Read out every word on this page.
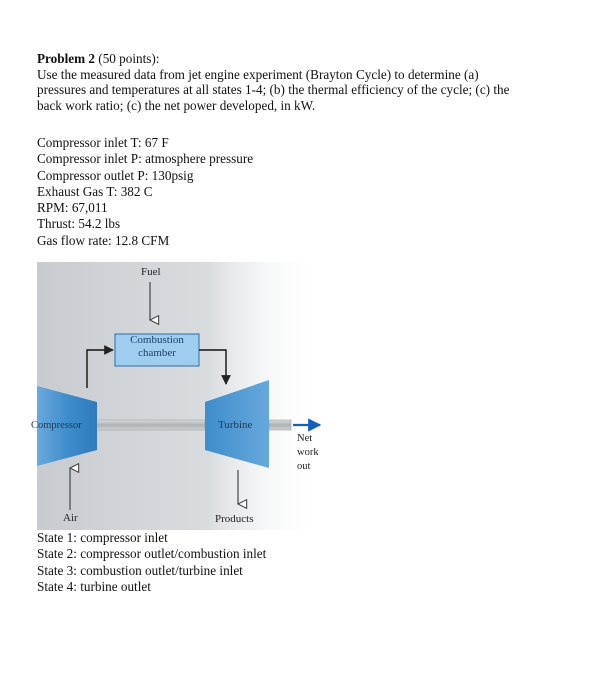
Problem 2 (50 points):
Use the measured data from jet engine experiment (Brayton Cycle) to determine (a)
pressures and temperatures at all states 1-4; (b) the thermal efficiency of the cycle; (c) the
back work ratio; (c) the net power developed, in kW.
Compressor inlet T: 67 F
Compressor inlet P: atmosphere pressure
Compressor outlet P: 130psig
Exhaust Gas T: 382 C
RPM: 67,011
Thrust: 54.2 lbs
Gas flow rate: 12.8 CFM
Fuel
Combustion
chamber
Compressor	Turbine
Net
work
out
Air	Products
State 1: compressor inlet
State 2: compressor outlet/combustion inlet
State 3: combustion outlet/turbine inlet
State 4: turbine outlet
